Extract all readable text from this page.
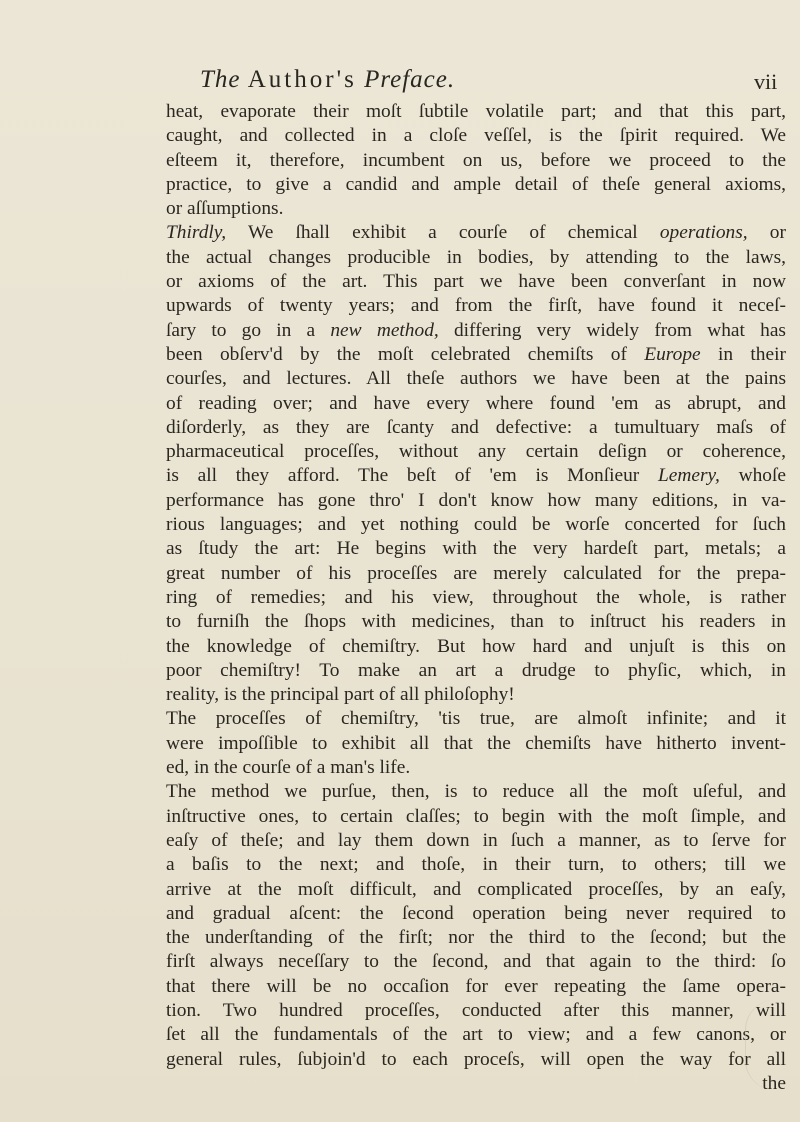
The Author's Preface.	vii
heat, evaporate their moſt ſubtile volatile part; and that this part,
caught, and collected in a cloſe veſſel, is the ſpirit required. We
eſteem it, therefore, incumbent on us, before we proceed to the
practice, to give a candid and ample detail of theſe general axioms,
or aſſumptions.
Thirdly, We ſhall exhibit a courſe of chemical operations, or
the actual changes producible in bodies, by attending to the laws,
or axioms of the art. This part we have been converſant in now
upwards of twenty years; and from the firſt, have found it neceſ-
ſary to go in a new method, differing very widely from what has
been obſerv'd by the moſt celebrated chemiſts of Europe in their
courſes, and lectures. All theſe authors we have been at the pains
of reading over; and have every where found 'em as abrupt, and
diſorderly, as they are ſcanty and defective: a tumultuary maſs of
pharmaceutical proceſſes, without any certain deſign or coherence,
is all they afford. The beſt of 'em is Monſieur Lemery, whoſe
performance has gone thro' I don't know how many editions, in va-
rious languages; and yet nothing could be worſe concerted for ſuch
as ſtudy the art: He begins with the very hardeſt part, metals; a
great number of his proceſſes are merely calculated for the prepa-
ring of remedies; and his view, throughout the whole, is rather
to furniſh the ſhops with medicines, than to inſtruct his readers in
the knowledge of chemiſtry. But how hard and unjuſt is this on
poor chemiſtry! To make an art a drudge to phyſic, which, in
reality, is the principal part of all philoſophy!
The proceſſes of chemiſtry, 'tis true, are almoſt infinite; and it
were impoſſible to exhibit all that the chemiſts have hitherto invent-
ed, in the courſe of a man's life.
The method we purſue, then, is to reduce all the moſt uſeful, and
inſtructive ones, to certain claſſes; to begin with the moſt ſimple, and
eaſy of theſe; and lay them down in ſuch a manner, as to ſerve for
a baſis to the next; and thoſe, in their turn, to others; till we
arrive at the moſt difficult, and complicated proceſſes, by an eaſy,
and gradual aſcent: the ſecond operation being never required to
the underſtanding of the firſt; nor the third to the ſecond; but the
firſt always neceſſary to the ſecond, and that again to the third: ſo
that there will be no occaſion for ever repeating the ſame opera-
tion. Two hundred proceſſes, conducted after this manner, will
ſet all the fundamentals of the art to view; and a few canons, or
general rules, ſubjoin'd to each proceſs, will open the way for all
the
